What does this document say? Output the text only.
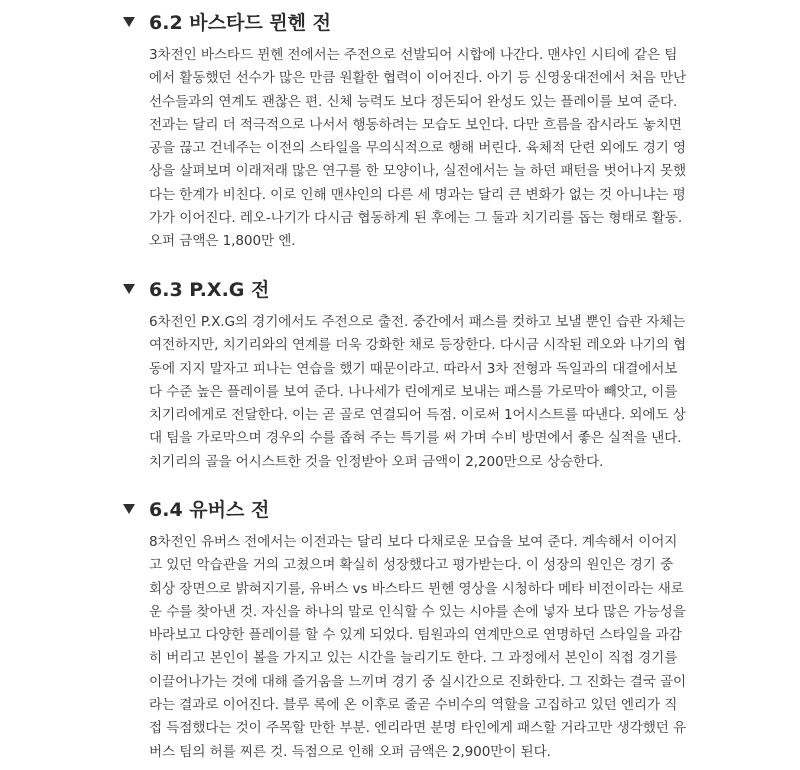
6.2 바스타드 뮌헨 전
3차전인 바스타드 뮌헨 전에서는 주전으로 선발되어 시합에 나간다. 맨샤인 시티에 같은 팀
에서 활동했던 선수가 많은 만큼 원활한 협력이 이어진다. 아기 등 신영웅대전에서 처음 만난
선수들과의 연계도 괜찮은 편. 신체 능력도 보다 정돈되어 완성도 있는 플레이를 보여 준다.
전과는 달리 더 적극적으로 나서서 행동하려는 모습도 보인다. 다만 흐름을 잠시라도 놓치면
공을 끊고 건네주는 이전의 스타일을 무의식적으로 행해 버린다. 육체적 단련 외에도 경기 영
상을 살펴보며 이래저래 많은 연구를 한 모양이나, 실전에서는 늘 하던 패턴을 벗어나지 못했
다는 한계가 비친다. 이로 인해 맨샤인의 다른 세 명과는 달리 큰 변화가 없는 것 아니냐는 평
가가 이어진다. 레오-나기가 다시금 협동하게 된 후에는 그 둘과 치기리를 돕는 형태로 활동.
오퍼 금액은 1,800만 엔.
6.3 P.X.G 전
6차전인 P.X.G의 경기에서도 주전으로 출전. 중간에서 패스를 컷하고 보낼 뿐인 습관 자체는
여전하지만, 치기리와의 연계를 더욱 강화한 채로 등장한다. 다시금 시작된 레오와 나기의 협
동에 지지 말자고 피나는 연습을 했기 때문이라고. 따라서 3차 전형과 독일과의 대결에서보
다 수준 높은 플레이를 보여 준다. 나나세가 린에게로 보내는 패스를 가로막아 빼앗고, 이를
치기리에게로 전달한다. 이는 곧 골로 연결되어 득점. 이로써 1어시스트를 따낸다. 외에도 상
대 팀을 가로막으며 경우의 수를 좁혀 주는 특기를 써 가며 수비 방면에서 좋은 실적을 낸다.
치기리의 골을 어시스트한 것을 인정받아 오퍼 금액이 2,200만으로 상승한다.
6.4 유버스 전
8차전인 유버스 전에서는 이전과는 달리 보다 다채로운 모습을 보여 준다. 계속해서 이어지
고 있던 악습관을 거의 고쳤으며 확실히 성장했다고 평가받는다. 이 성장의 원인은 경기 중
회상 장면으로 밝혀지기를, 유버스 vs 바스타드 뮌헨 영상을 시청하다 메타 비전이라는 새로
운 수를 찾아낸 것. 자신을 하나의 말로 인식할 수 있는 시야를 손에 넣자 보다 많은 가능성을
바라보고 다양한 플레이를 할 수 있게 되었다. 팀원과의 연계만으로 연명하던 스타일을 과감
히 버리고 본인이 볼을 가지고 있는 시간을 늘리기도 한다. 그 과정에서 본인이 직접 경기를
이끌어나가는 것에 대해 즐거움을 느끼며 경기 중 실시간으로 진화한다. 그 진화는 결국 골이
라는 결과로 이어진다. 블루 록에 온 이후로 줄곧 수비수의 역할을 고집하고 있던 엔리가 직
접 득점했다는 것이 주목할 만한 부분. 엔리라면 분명 타인에게 패스할 거라고만 생각했던 유
버스 팀의 허를 찌른 것. 득점으로 인해 오퍼 금액은 2,900만이 된다.
